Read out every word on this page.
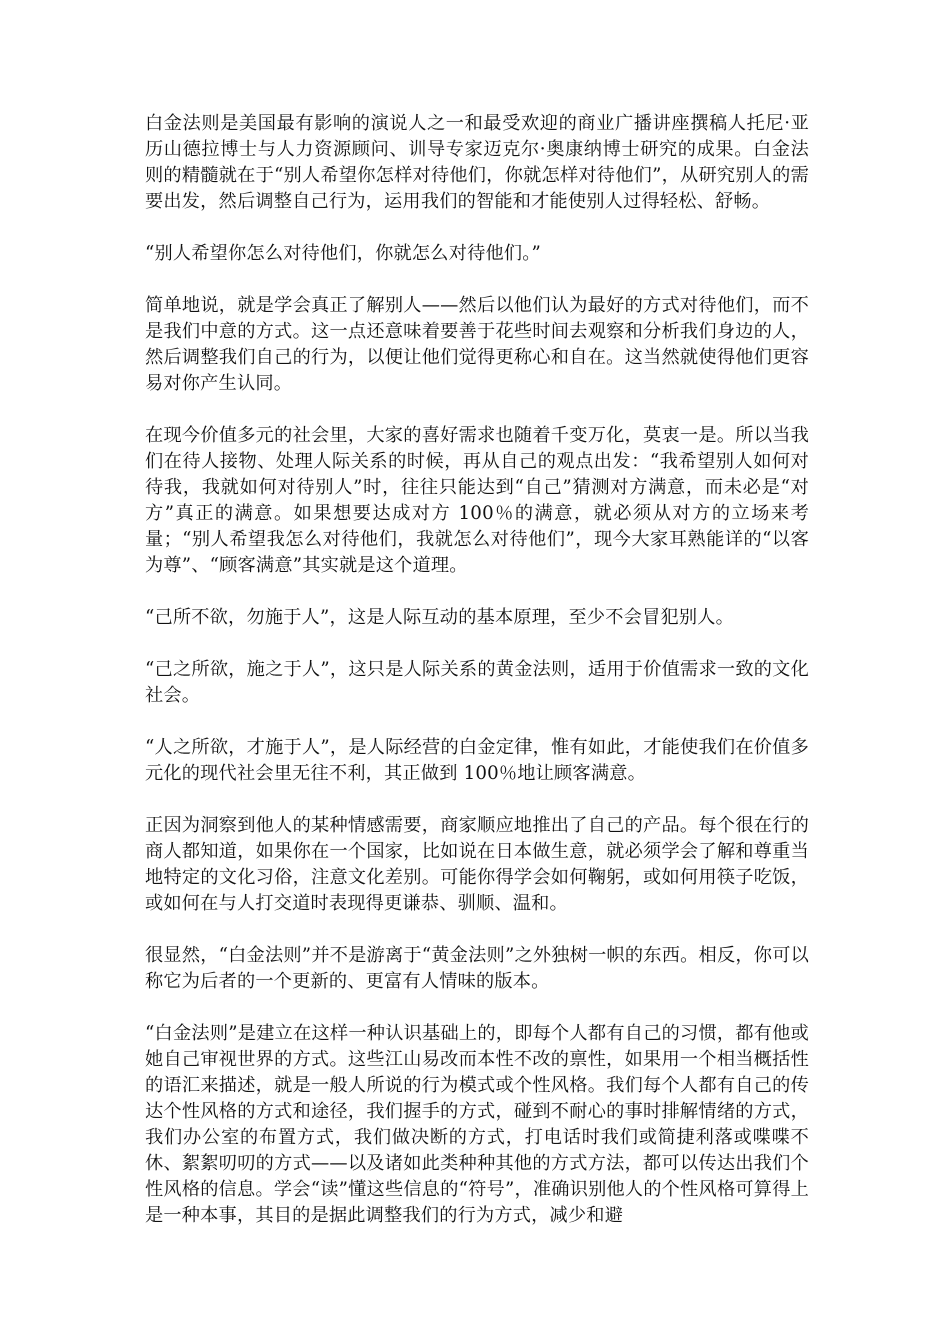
白金法则是美国最有影响的演说人之一和最受欢迎的商业广播讲座撰稿人托尼·亚历山德拉博士与人力资源顾问、训导专家迈克尔·奥康纳博士研究的成果。白金法则的精髓就在于“别人希望你怎样对待他们，你就怎样对待他们”，从研究别人的需要出发，然后调整自己行为，运用我们的智能和才能使别人过得轻松、舒畅。

“别人希望你怎么对待他们，你就怎么对待他们。”

简单地说，就是学会真正了解别人——然后以他们认为最好的方式对待他们，而不是我们中意的方式。这一点还意味着要善于花些时间去观察和分析我们身边的人，然后调整我们自己的行为，以便让他们觉得更称心和自在。这当然就使得他们更容易对你产生认同。

在现今价值多元的社会里，大家的喜好需求也随着千变万化，莫衷一是。所以当我们在待人接物、处理人际关系的时候，再从自己的观点出发：“我希望别人如何对待我，我就如何对待别人”时，往往只能达到“自己”猜测对方满意，而未必是“对方”真正的满意。如果想要达成对方 100％的满意，就必须从对方的立场来考量；“别人希望我怎么对待他们，我就怎么对待他们”，现今大家耳熟能详的“以客为尊”、“顾客满意”其实就是这个道理。

“己所不欲，勿施于人”，这是人际互动的基本原理，至少不会冒犯别人。

“己之所欲，施之于人”，这只是人际关系的黄金法则，适用于价值需求一致的文化社会。

“人之所欲，才施于人”，是人际经营的白金定律，惟有如此，才能使我们在价值多元化的现代社会里无往不利，其正做到 100％地让顾客满意。

正因为洞察到他人的某种情感需要，商家顺应地推出了自己的产品。每个很在行的商人都知道，如果你在一个国家，比如说在日本做生意，就必须学会了解和尊重当地特定的文化习俗，注意文化差别。可能你得学会如何鞠躬，或如何用筷子吃饭，或如何在与人打交道时表现得更谦恭、驯顺、温和。

很显然，“白金法则”并不是游离于“黄金法则”之外独树一帜的东西。相反，你可以称它为后者的一个更新的、更富有人情味的版本。

“白金法则”是建立在这样一种认识基础上的，即每个人都有自己的习惯，都有他或她自己审视世界的方式。这些江山易改而本性不改的禀性，如果用一个相当概括性的语汇来描述，就是一般人所说的行为模式或个性风格。我们每个人都有自己的传达个性风格的方式和途径，我们握手的方式，碰到不耐心的事时排解情绪的方式，我们办公室的布置方式，我们做决断的方式，打电话时我们或简捷利落或喋喋不休、絮絮叨叨的方式——以及诸如此类种种其他的方式方法，都可以传达出我们个性风格的信息。学会“读”懂这些信息的“符号”，准确识别他人的个性风格可算得上是一种本事，其目的是据此调整我们的行为方式，减少和避
